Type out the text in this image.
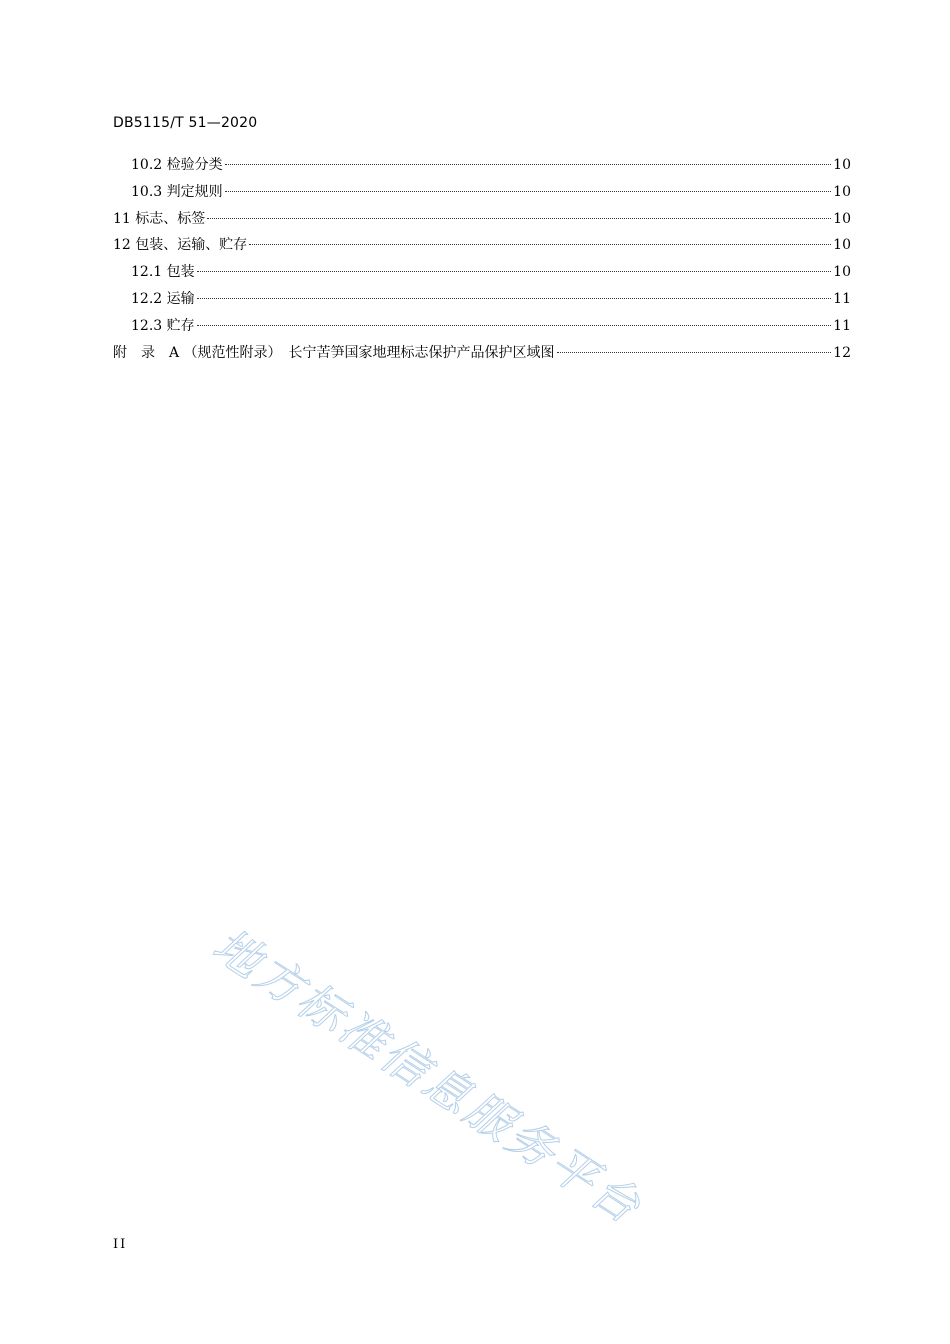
DB5115/T 51—2020
10.2 检验分类	10
10.3 判定规则	10
11 标志、标签	10
12 包装、运输、贮存	10
12.1 包装	10
12.2 运输	11
12.3 贮存	11
附　录　A （规范性附录）　长宁苦笋国家地理标志保护产品保护区域图	12
地方标准信息服务平台
II
